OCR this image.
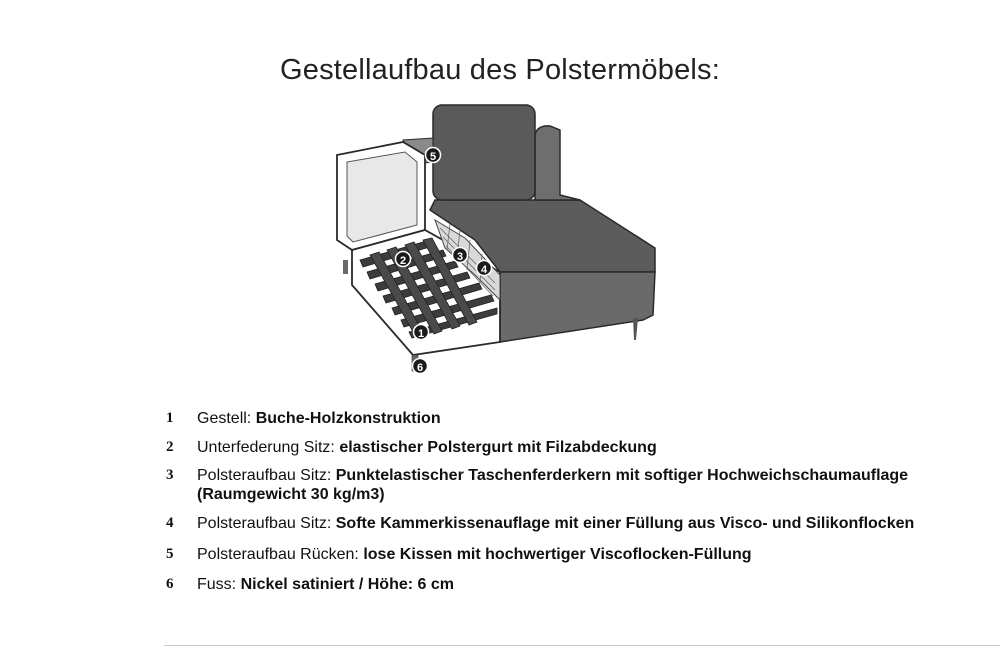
Gestellaufbau des Polstermöbels:
5
2	3
4
1
6
1	Gestell: Buche-Holzkonstruktion
2	Unterfederung Sitz: elastischer Polstergurt mit Filzabdeckung
3	Polsteraufbau Sitz: Punktelastischer Taschenferderkern mit softiger Hochweichschaumauflage (Raumgewicht 30 kg/m3)
4	Polsteraufbau Sitz: Softe Kammerkissenauflage mit einer Füllung aus Visco- und Silikonflocken
5	Polsteraufbau Rücken: lose Kissen mit hochwertiger Viscoflocken-Füllung
6	Fuss: Nickel satiniert / Höhe: 6 cm
